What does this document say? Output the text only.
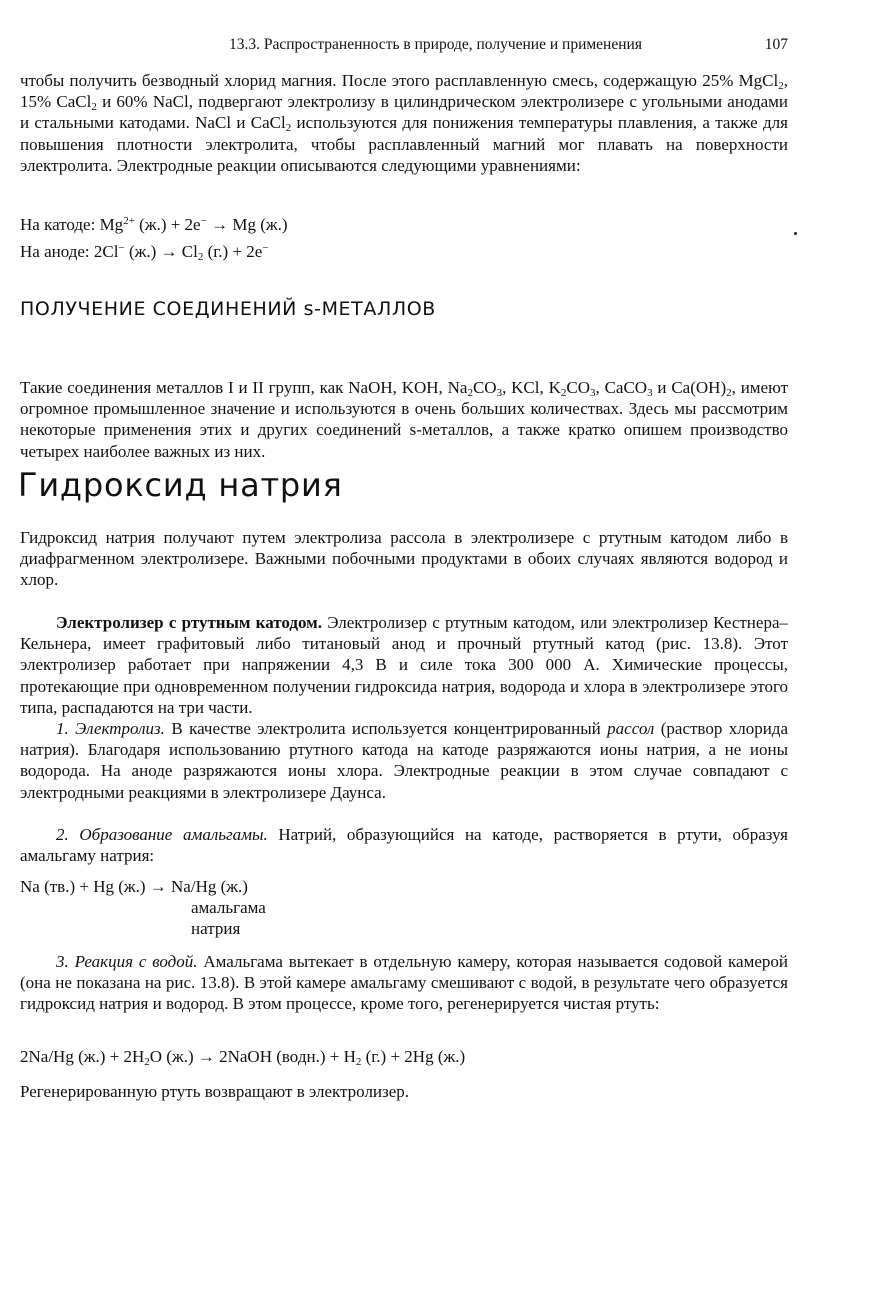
13.3. Распространенность в природе, получение и применения	107

чтобы получить безводный хлорид магния. После этого расплавленную смесь, содержащую 25% MgCl$_2$, 15% CaCl$_2$ и 60% NaCl, подвергают электролизу в цилиндрическом электролизере с угольными анодами и стальными катодами. NaCl и CaCl$_2$ используются для понижения температуры плавления, а также для повышения плотности электролита, чтобы расплавленный магний мог плавать на поверхности электролита. Электродные реакции описываются следующими уравнениями:

На катоде: $Mg^{2+}$ (ж.) + 2e− → Mg (ж.)
На аноде: 2Cl− $(ж.) \to Cl_2$ (г.) + 2e−
ПОЛУЧЕНИЕ СОЕДИНЕНИЙ s-МЕТАЛЛОВ

Такие соединения металлов I и II групп, как NaOH, KOH, $Na_2CO_3$, KCl, $K_2CO_3$, CaCO$_3$ и $Ca(OH)_2$, имеют огромное промышленное значение и используются в очень больших количествах. Здесь мы рассмотрим некоторые применения этих и других соединений s-металлов, а также кратко опишем производство четырех наиболее важных из них.

Гидроксид натрия

Гидроксид натрия получают путем электролиза рассола в электролизере с ртутным катодом либо в диафрагменном электролизере. Важными побочными продуктами в обоих случаях являются водород и хлор.

Электролизер с ртутным катодом. Электролизер с ртутным катодом, или электролизер Кестнера–Кельнера, имеет графитовый либо титановый анод и прочный ртутный катод (рис. 13.8). Этот электролизер работает при напряжении 4,3 В и силе тока 300 000 А. Химические процессы, протекающие при одновременном получении гидроксида натрия, водорода и хлора в электролизере этого типа, распадаются на три части.

1. Электролиз. В качестве электролита используется концентрированный рассол (раствор хлорида натрия). Благодаря использованию ртутного катода на катоде разряжаются ионы натрия, а не ионы водорода. На аноде разряжаются ионы хлора. Электродные реакции в этом случае совпадают с электродными реакциями в электролизере Даунса.

2. Образование амальгамы. Натрий, образующийся на катоде, растворяется в ртути, образуя амальгаму натрия:

Na (тв.) + Hg (ж.) → Na/Hg (ж.)
амальгама
натрия

3. Реакция с водой. Амальгама вытекает в отдельную камеру, которая называется содовой камерой (она не показана на рис. 13.8). В этой камере амальгаму смешивают с водой, в результате чего образуется гидроксид натрия и водород. В этом процессе, кроме того, регенерируется чистая ртуть:

2Na/Hg $(ж.) + 2H_2O$ (ж.) → 2NaOH (водн.) + $H_2$ (г.) + 2Hg (ж.)
Регенерированную ртуть возвращают в электролизер.
